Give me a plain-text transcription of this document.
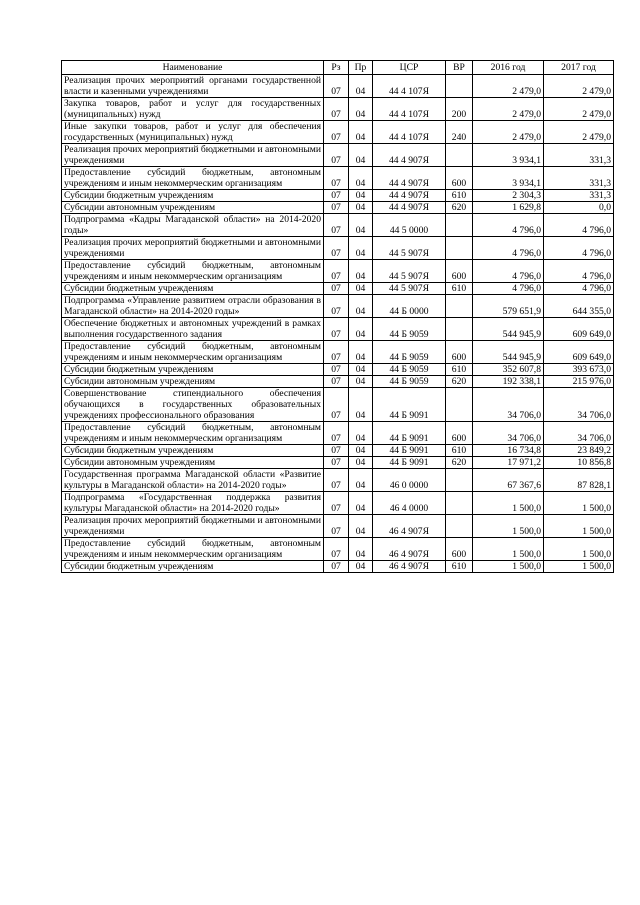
Наименование	Рз	Пр	ЦСР	ВР	2016 год	2017 год
Реализация прочих мероприятий органами государственной власти и казенными учреждениями	07	04	44 4 107Я		2 479,0	2 479,0
Закупка товаров, работ и услуг для государственных (муниципальных) нужд	07	04	44 4 107Я	200	2 479,0	2 479,0
Иные закупки товаров, работ и услуг для обеспечения государственных (муниципальных) нужд	07	04	44 4 107Я	240	2 479,0	2 479,0
Реализация прочих мероприятий бюджетными и автономными учреждениями	07	04	44 4 907Я		3 934,1	331,3
Предоставление субсидий бюджетным, автономным учреждениям и иным некоммерческим организациям	07	04	44 4 907Я	600	3 934,1	331,3
Субсидии бюджетным учреждениям	07	04	44 4 907Я	610	2 304,3	331,3
Субсидии автономным учреждениям	07	04	44 4 907Я	620	1 629,8	0,0
Подпрограмма «Кадры Магаданской области» на 2014-2020 годы»	07	04	44 5 0000		4 796,0	4 796,0
Реализация прочих мероприятий бюджетными и автономными учреждениями	07	04	44 5 907Я		4 796,0	4 796,0
Предоставление субсидий бюджетным, автономным учреждениям и иным некоммерческим организациям	07	04	44 5 907Я	600	4 796,0	4 796,0
Субсидии бюджетным учреждениям	07	04	44 5 907Я	610	4 796,0	4 796,0
Подпрограмма «Управление развитием отрасли образования в Магаданской области» на 2014-2020 годы»	07	04	44 Б 0000		579 651,9	644 355,0
Обеспечение бюджетных и автономных учреждений в рамках выполнения государственного задания	07	04	44 Б 9059		544 945,9	609 649,0
Предоставление субсидий бюджетным, автономным учреждениям и иным некоммерческим организациям	07	04	44 Б 9059	600	544 945,9	609 649,0
Субсидии бюджетным учреждениям	07	04	44 Б 9059	610	352 607,8	393 673,0
Субсидии автономным учреждениям	07	04	44 Б 9059	620	192 338,1	215 976,0
Совершенствование стипендиального обеспечения обучающихся в государственных образовательных учреждениях профессионального образования	07	04	44 Б 9091		34 706,0	34 706,0
Предоставление субсидий бюджетным, автономным учреждениям и иным некоммерческим организациям	07	04	44 Б 9091	600	34 706,0	34 706,0
Субсидии бюджетным учреждениям	07	04	44 Б 9091	610	16 734,8	23 849,2
Субсидии автономным учреждениям	07	04	44 Б 9091	620	17 971,2	10 856,8
Государственная программа Магаданской области «Развитие культуры в Магаданской области» на 2014-2020 годы»	07	04	46 0 0000		67 367,6	87 828,1
Подпрограмма «Государственная поддержка развития культуры Магаданской области» на 2014-2020 годы»	07	04	46 4 0000		1 500,0	1 500,0
Реализация прочих мероприятий бюджетными и автономными учреждениями	07	04	46 4 907Я		1 500,0	1 500,0
Предоставление субсидий бюджетным, автономным учреждениям и иным некоммерческим организациям	07	04	46 4 907Я	600	1 500,0	1 500,0
Субсидии бюджетным учреждениям	07	04	46 4 907Я	610	1 500,0	1 500,0
